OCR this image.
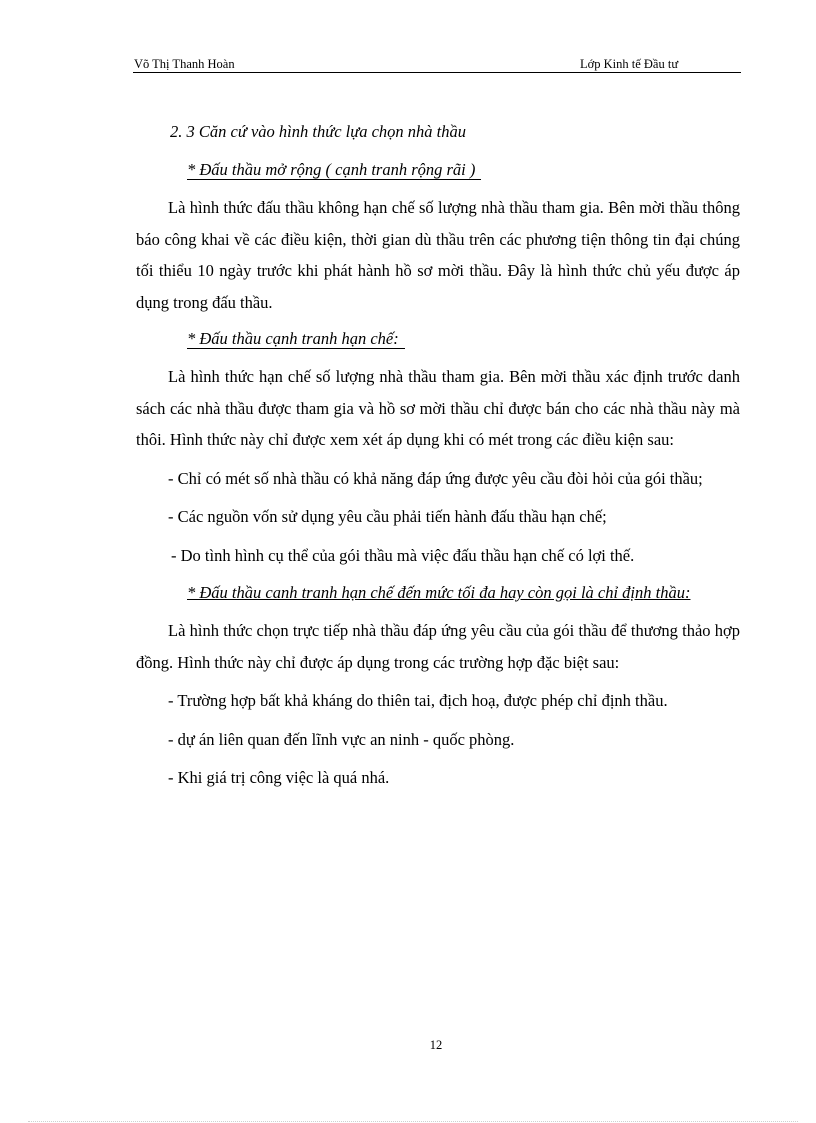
Võ Thị Thanh Hoàn	Lớp Kinh tế Đầu tư

2. 3 Căn cứ vào hình thức lựa chọn nhà thầu

* Đấu thầu mở rộng ( cạnh tranh rộng rãi )

Là hình thức đấu thầu không hạn chế số lượng nhà thầu tham gia. Bên mời thầu thông báo công khai về các điều kiện, thời gian dù thầu trên các phương tiện thông tin đại chúng tối thiểu 10 ngày trước khi phát hành hồ sơ mời thầu. Đây là hình thức chủ yếu được áp dụng trong đấu thầu.

* Đấu thầu cạnh tranh hạn chế:

Là hình thức hạn chế số lượng nhà thầu tham gia. Bên mời thầu xác định trước danh sách các nhà thầu được tham gia và hồ sơ mời thầu chỉ được bán cho các nhà thầu này mà thôi. Hình thức này chỉ được xem xét áp dụng khi có mét trong các điều kiện sau:

- Chỉ có mét số nhà thầu có khả năng đáp ứng được yêu cầu đòi hỏi của gói thầu;

- Các nguồn vốn sử dụng yêu cầu phải tiến hành đấu thầu hạn chế;

- Do tình hình cụ thể của gói thầu mà việc đấu thầu hạn chế có lợi thế.

* Đấu thầu canh tranh hạn chế đến mức tối đa hay còn gọi là chỉ định thầu:

Là hình thức chọn trực tiếp nhà thầu đáp ứng yêu cầu của gói thầu để thương thảo hợp đồng. Hình thức này chỉ được áp dụng trong các trường hợp đặc biệt sau:

- Trường hợp bất khả kháng do thiên tai, địch hoạ, được phép chỉ định thầu.

- dự án liên quan đến lĩnh vực an ninh - quốc phòng.

- Khi giá trị công việc là quá nhá.

12
